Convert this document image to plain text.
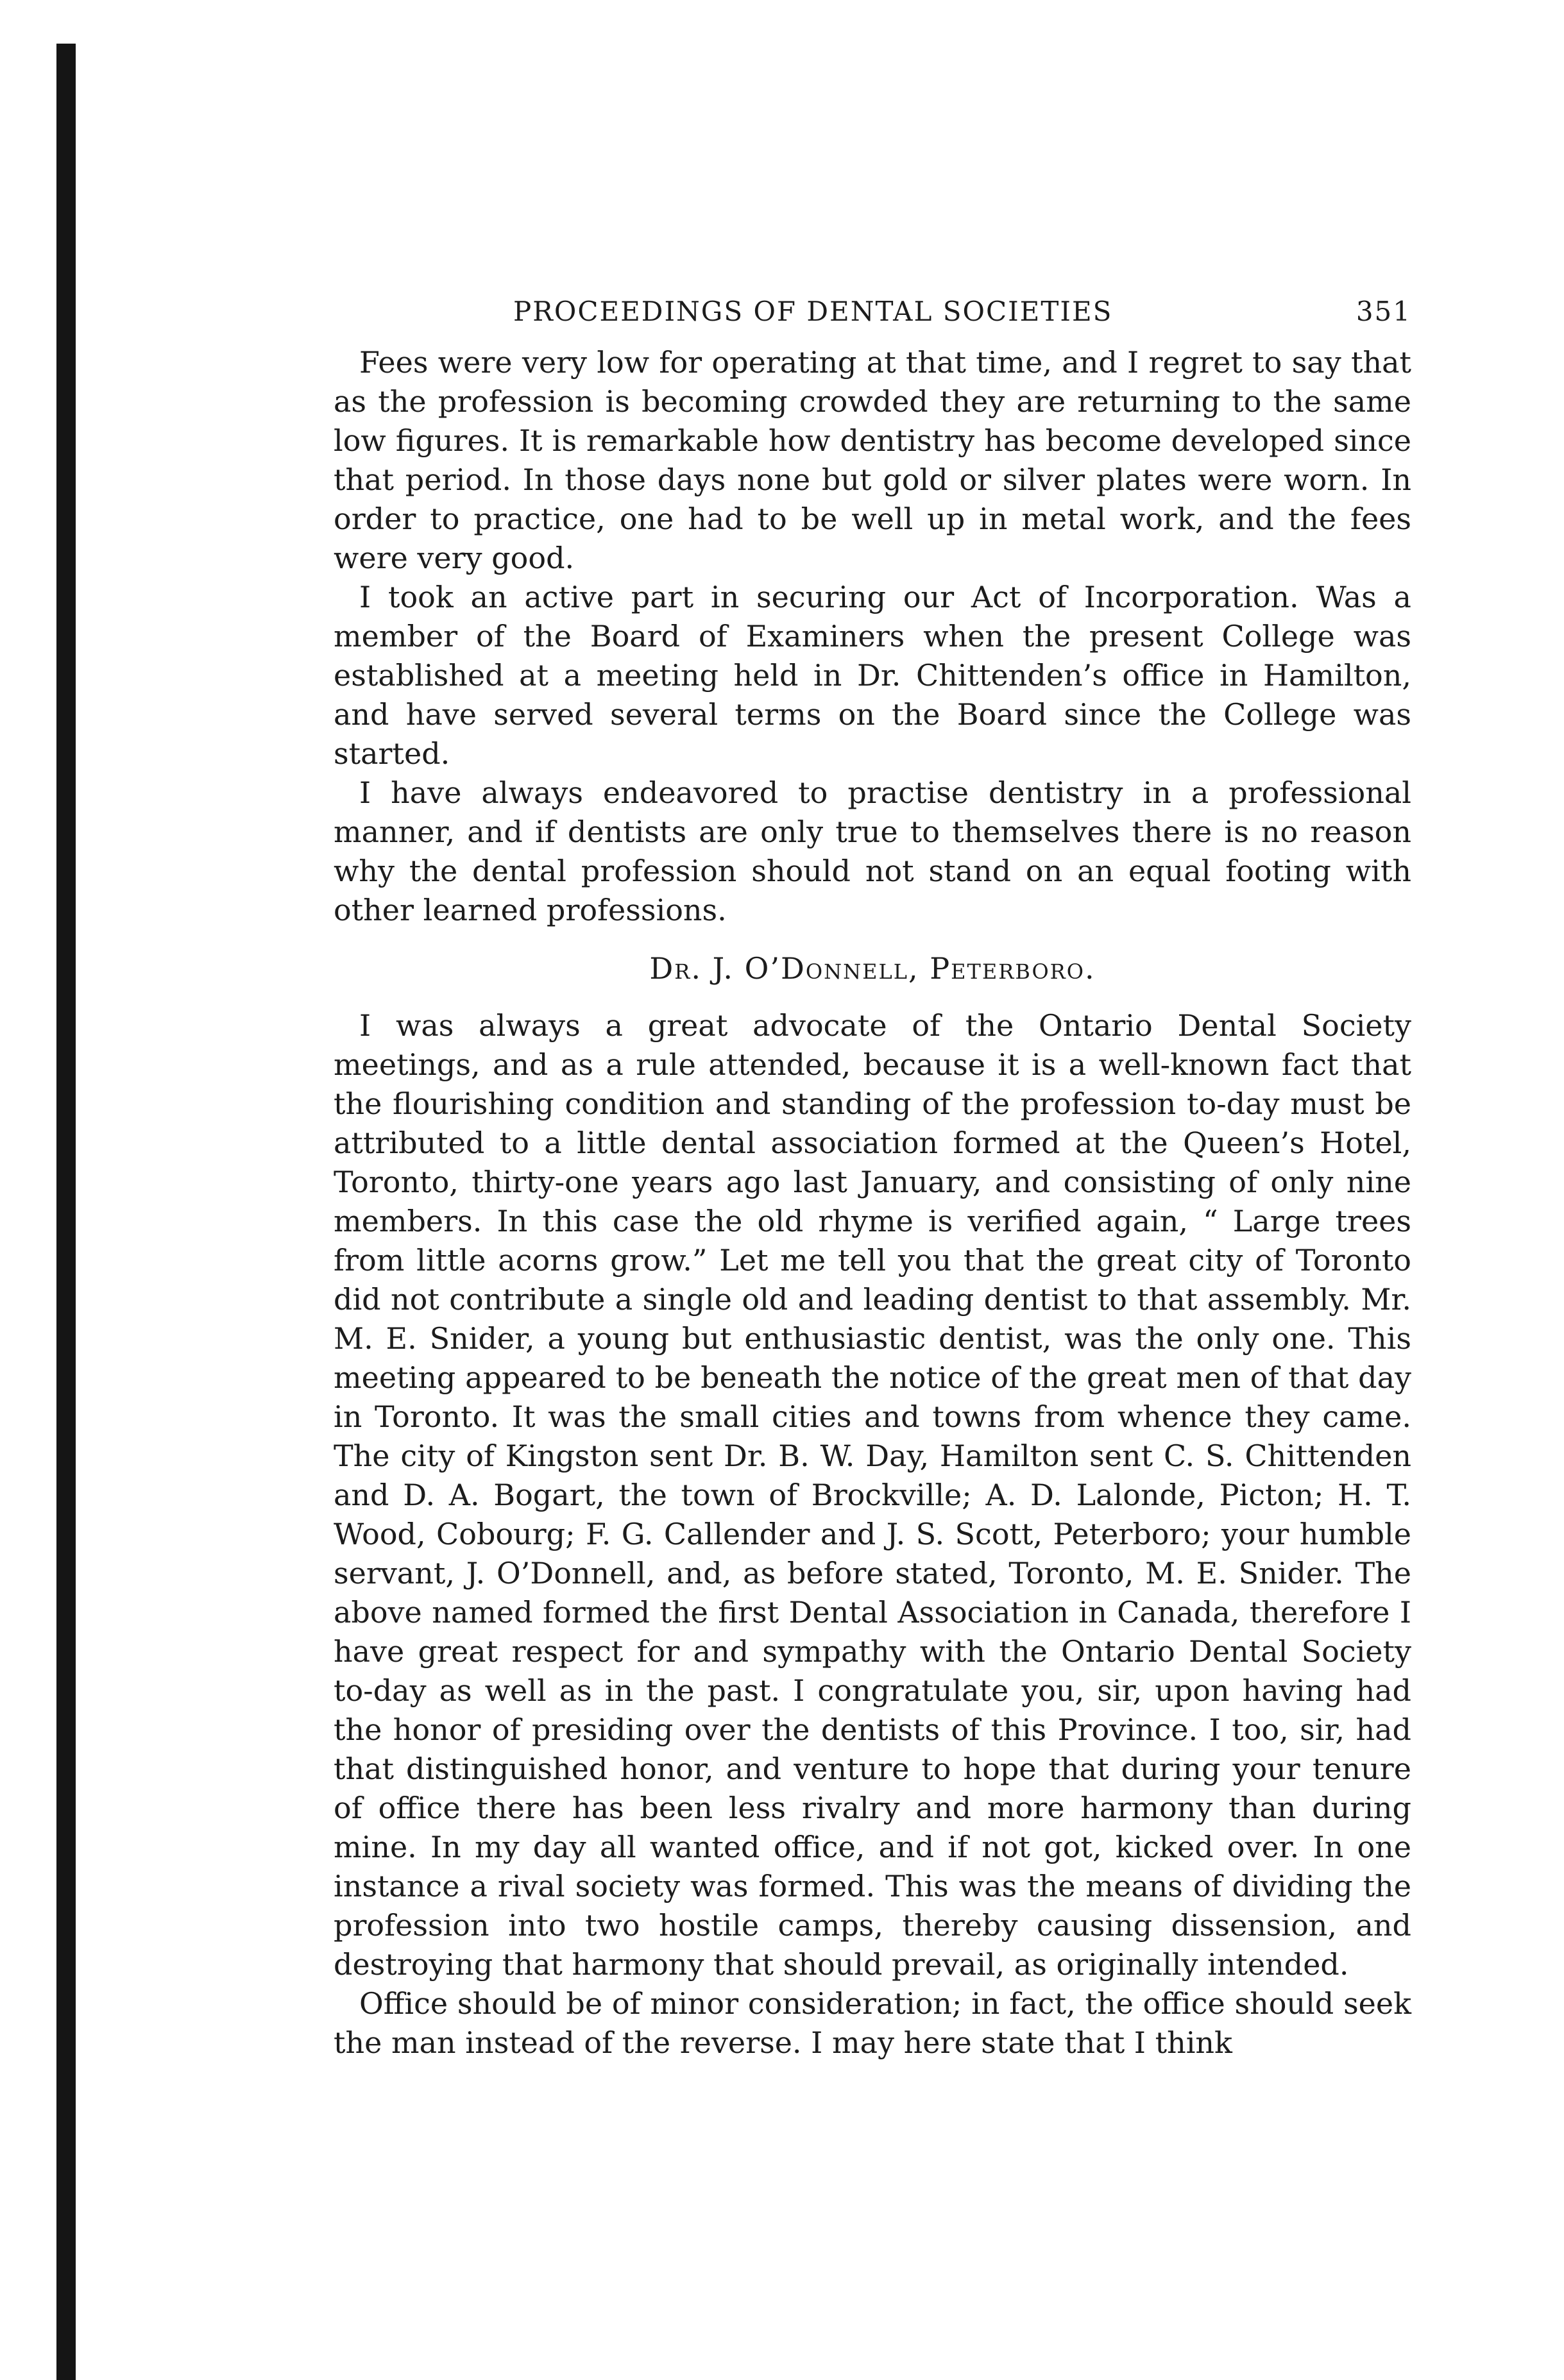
PROCEEDINGS OF DENTAL SOCIETIES	351

Fees were very low for operating at that time, and I regret to say that as the profession is becoming crowded they are returning to the same low figures. It is remarkable how dentistry has become developed since that period. In those days none but gold or silver plates were worn. In order to practice, one had to be well up in metal work, and the fees were very good.

I took an active part in securing our Act of Incorporation. Was a member of the Board of Examiners when the present College was established at a meeting held in Dr. Chittenden’s office in Hamilton, and have served several terms on the Board since the College was started.

I have always endeavored to practise dentistry in a professional manner, and if dentists are only true to themselves there is no reason why the dental profession should not stand on an equal footing with other learned professions.

Dr. J. O’Donnell, Peterboro.

I was always a great advocate of the Ontario Dental Society meetings, and as a rule attended, because it is a well-known fact that the flourishing condition and standing of the profession to-day must be attributed to a little dental association formed at the Queen’s Hotel, Toronto, thirty-one years ago last January, and consisting of only nine members. In this case the old rhyme is verified again, “ Large trees from little acorns grow.” Let me tell you that the great city of Toronto did not contribute a single old and leading dentist to that assembly. Mr. M. E. Snider, a young but enthusiastic dentist, was the only one. This meeting appeared to be beneath the notice of the great men of that day in Toronto. It was the small cities and towns from whence they came. The city of Kingston sent Dr. B. W. Day, Hamilton sent C. S. Chittenden and D. A. Bogart, the town of Brockville; A. D. Lalonde, Picton; H. T. Wood, Cobourg; F. G. Callender and J. S. Scott, Peterboro; your humble servant, J. O’Donnell, and, as before stated, Toronto, M. E. Snider. The above named formed the first Dental Association in Canada, therefore I have great respect for and sympathy with the Ontario Dental Society to-day as well as in the past. I congratulate you, sir, upon having had the honor of presiding over the dentists of this Province. I too, sir, had that distinguished honor, and venture to hope that during your tenure of office there has been less rivalry and more harmony than during mine. In my day all wanted office, and if not got, kicked over. In one instance a rival society was formed. This was the means of dividing the profession into two hostile camps, thereby causing dissension, and destroying that harmony that should prevail, as originally intended.

Office should be of minor consideration; in fact, the office should seek the man instead of the reverse. I may here state that I think
